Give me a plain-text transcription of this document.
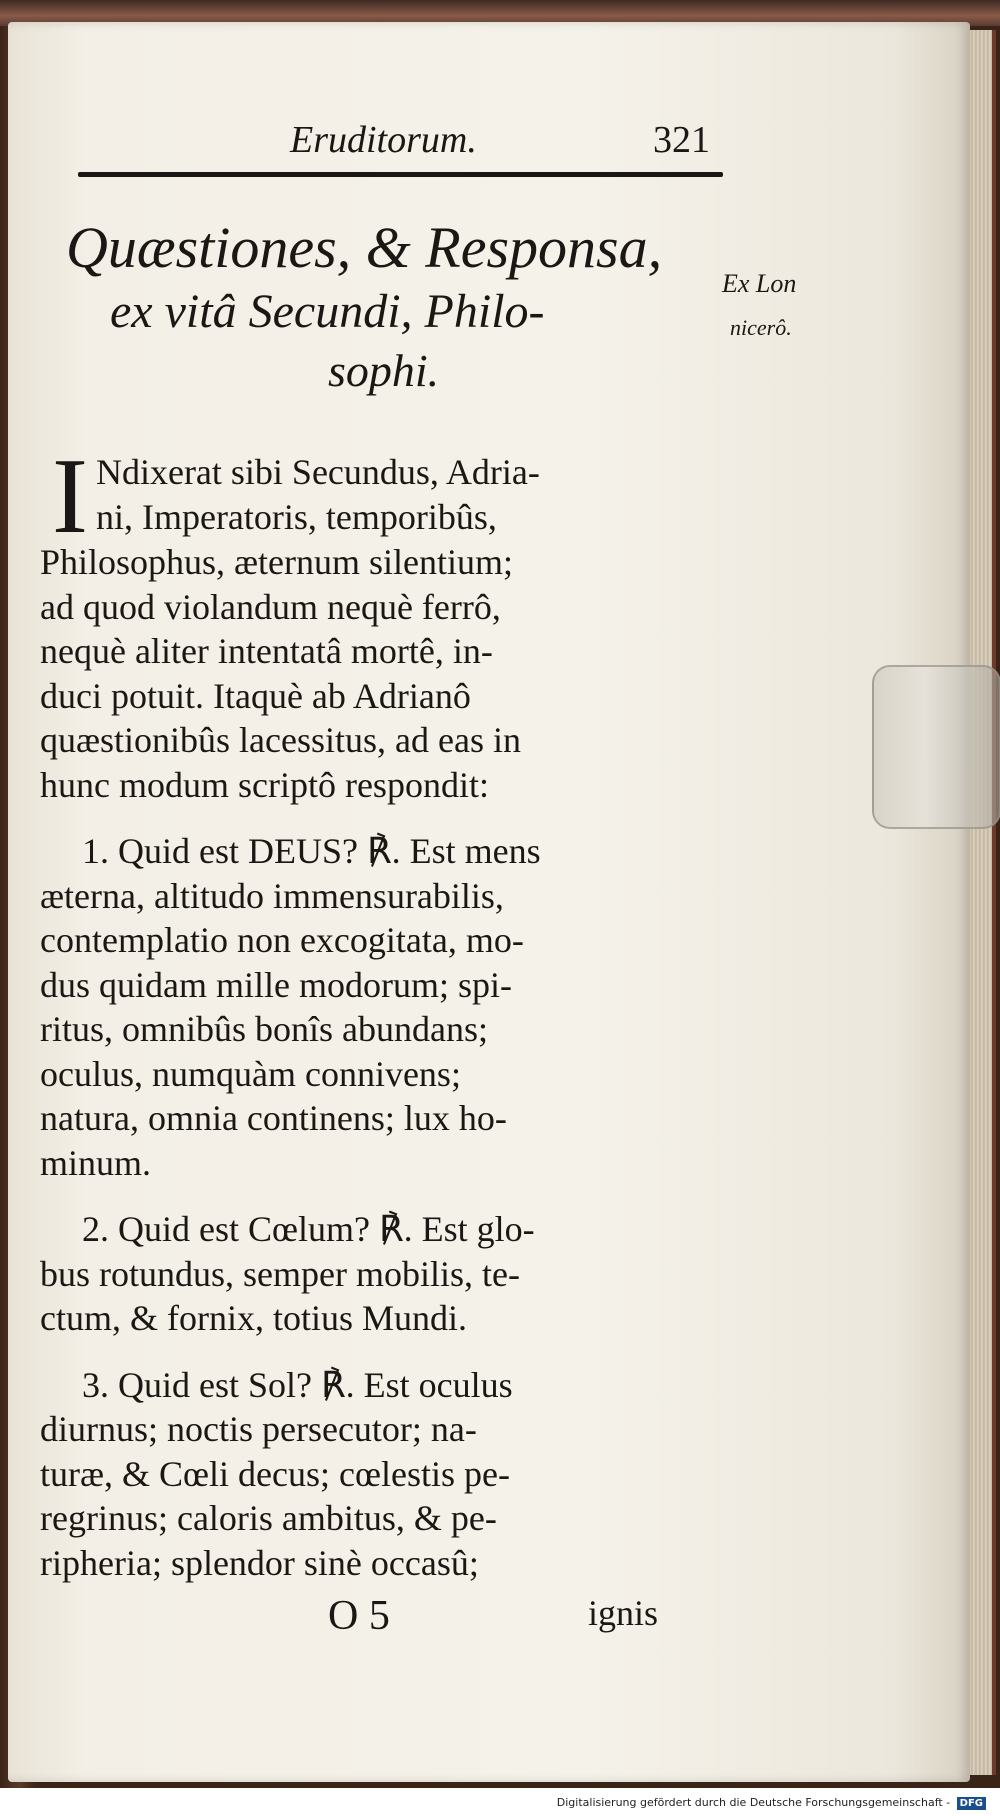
Eruditorum.	321
Quæstiones, & Responsa,
ex vitâ Secundi, Philo-
sophi.
Ex Lon
nicerô.
I Ndixerat sibi Secundus, Adria-
ni, Imperatoris, temporibûs,
Philosophus, æternum silentium;
ad quod violandum nequè ferrô,
nequè aliter intentatâ mortê, in-
duci potuit. Itaquè ab Adrianô
quæstionibûs lacessitus, ad eas in
hunc modum scriptô respondit:
1. Quid est DEUS? ℟. Est mens
æterna, altitudo immensurabilis,
contemplatio non excogitata, mo-
dus quidam mille modorum; spi-
ritus, omnibûs bonîs abundans;
oculus, numquàm connivens;
natura, omnia continens; lux ho-
minum.
2. Quid est Cœlum? ℟. Est glo-
bus rotundus, semper mobilis, te-
ctum, & fornix, totius Mundi.
3. Quid est Sol? ℟. Est oculus
diurnus; noctis persecutor; na-
turæ, & Cœli decus; cœlestis pe-
regrinus; caloris ambitus, & pe-
ripheria; splendor sinè occasû;
O 5	ignis
Digitalisierung gefördert durch die Deutsche Forschungsgemeinschaft - DFG
